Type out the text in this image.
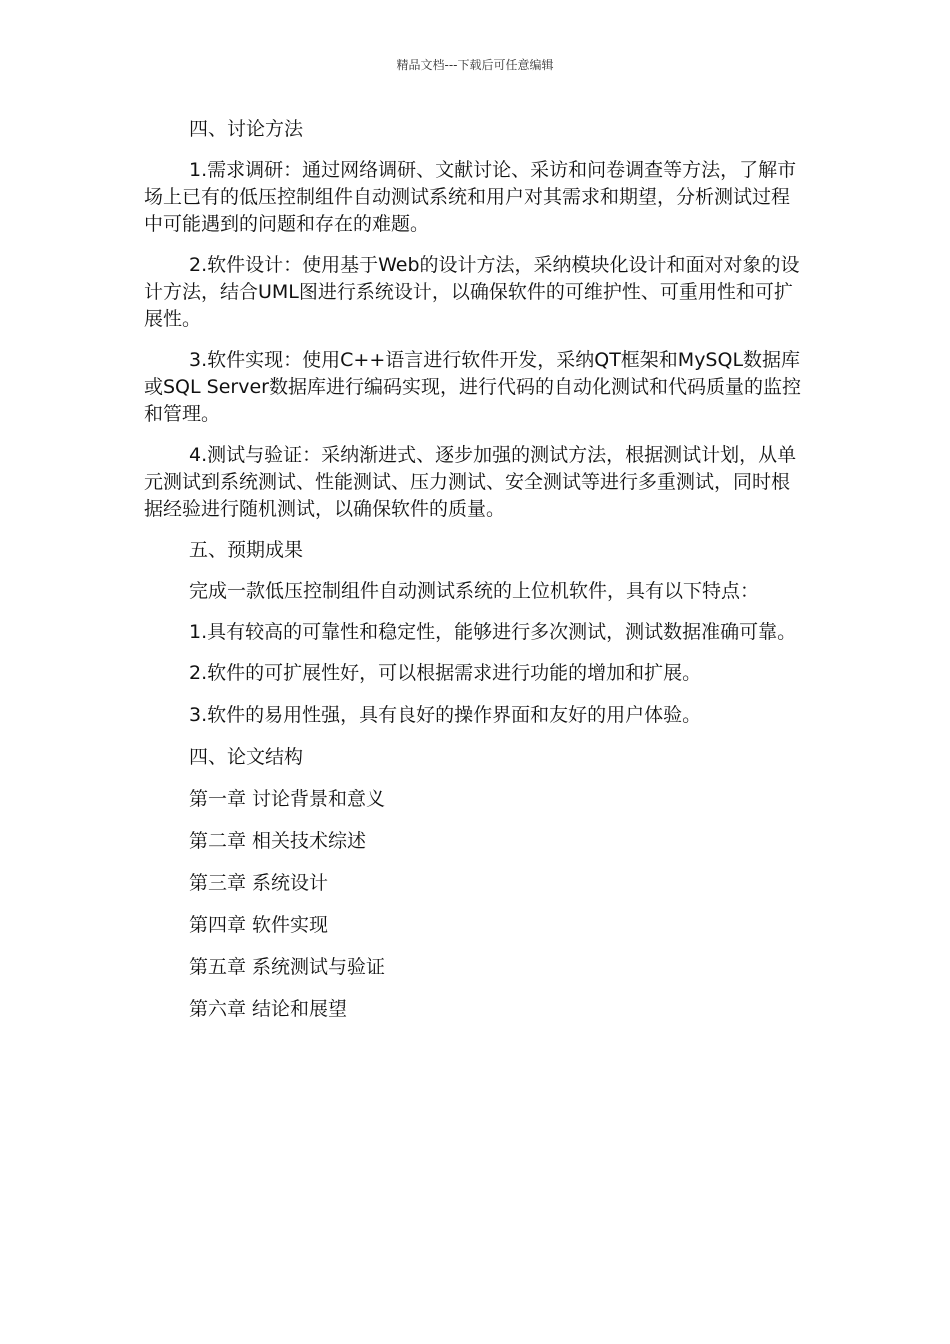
精品文档---下载后可任意编辑

四、讨论方法

1.需求调研：通过网络调研、文献讨论、采访和问卷调查等方法，了解市场上已有的低压控制组件自动测试系统和用户对其需求和期望，分析测试过程中可能遇到的问题和存在的难题。

2.软件设计：使用基于Web的设计方法，采纳模块化设计和面对对象的设计方法，结合UML图进行系统设计，以确保软件的可维护性、可重用性和可扩展性。

3.软件实现：使用C++语言进行软件开发，采纳QT框架和MySQL数据库或SQL Server数据库进行编码实现，进行代码的自动化测试和代码质量的监控和管理。

4.测试与验证：采纳渐进式、逐步加强的测试方法，根据测试计划，从单元测试到系统测试、性能测试、压力测试、安全测试等进行多重测试，同时根据经验进行随机测试，以确保软件的质量。

五、预期成果

完成一款低压控制组件自动测试系统的上位机软件，具有以下特点：

1.具有较高的可靠性和稳定性，能够进行多次测试，测试数据准确可靠。

2.软件的可扩展性好，可以根据需求进行功能的增加和扩展。

3.软件的易用性强，具有良好的操作界面和友好的用户体验。

四、论文结构

第一章 讨论背景和意义

第二章 相关技术综述

第三章 系统设计

第四章 软件实现

第五章 系统测试与验证

第六章 结论和展望
